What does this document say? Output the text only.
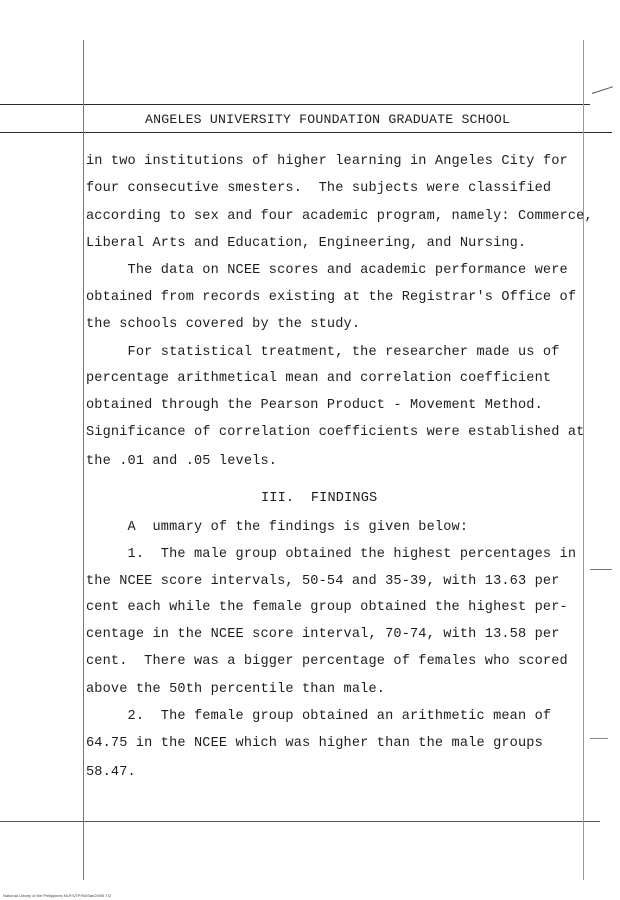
ANGELES UNIVERSITY FOUNDATION GRADUATE SCHOOL
in two institutions of higher learning in Angeles City for
four consecutive smesters.  The subjects were classified
according to sex and four academic program, namely: Commerce,
Liberal Arts and Education, Engineering, and Nursing.
The data on NCEE scores and academic performance were
obtained from records existing at the Registrar's Office of
the schools covered by the study.
For statistical treatment, the researcher made us of
percentage arithmetical mean and correlation coefficient
obtained through the Pearson Product - Movement Method.
Significance of correlation coefficients were established at
the .01 and .05 levels.
III.  FINDINGS
A  ummary of the findings is given below:
1.  The male group obtained the highest percentages in
the NCEE score intervals, 50-54 and 35-39, with 13.63 per
cent each while the female group obtained the highest per-
centage in the NCEE score interval, 70-74, with 13.58 per
cent.  There was a bigger percentage of females who scored
above the 50th percentile than male.
2.  The female group obtained an arithmetic mean of
64.75 in the NCEE which was higher than the male groups
58.47.
National Library of the Philippines NLP/UTP/93/Sat/20/95 T/2
